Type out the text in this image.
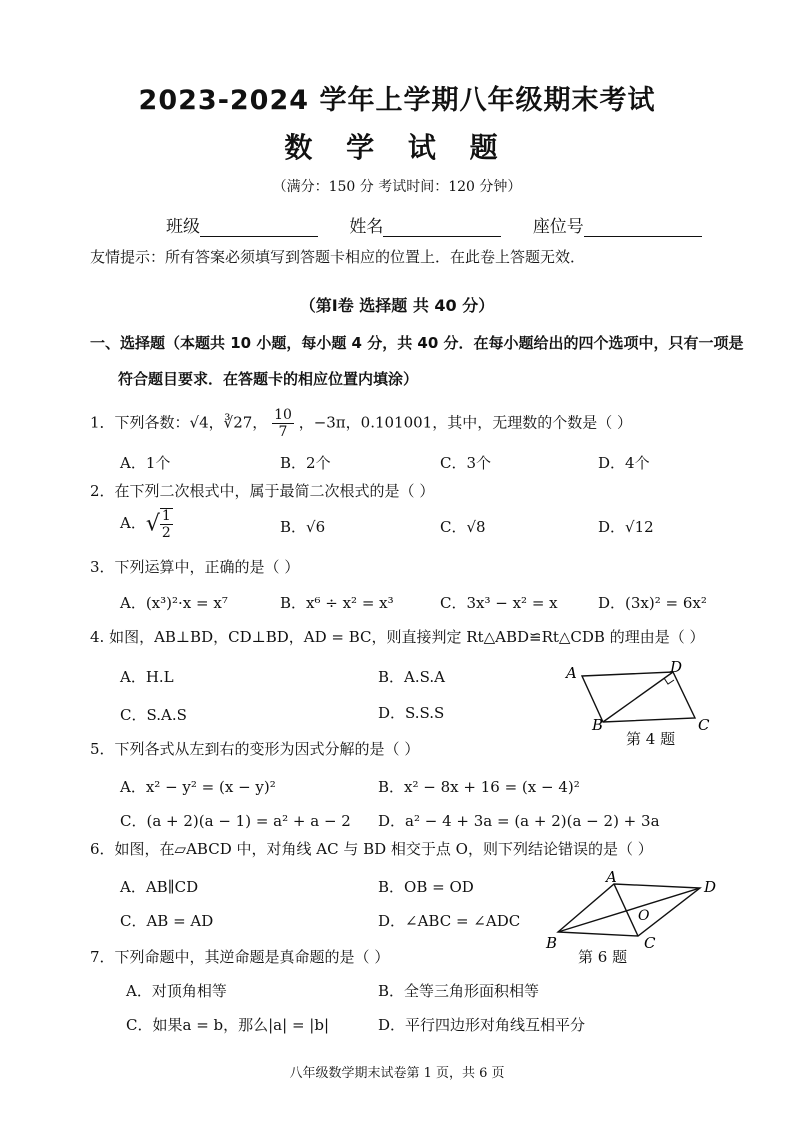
2023-2024 学年上学期八年级期末考试
数 学 试 题
（满分：150 分 考试时间：120 分钟）
班级	姓名	座位号
友情提示：所有答案必须填写到答题卡相应的位置上．在此卷上答题无效．
（第Ⅰ卷 选择题 共 40 分）
一、选择题（本题共 10 小题，每小题 4 分，共 40 分．在每小题给出的四个选项中，只有一项是
符合题目要求．在答题卡的相应位置内填涂）
1．下列各数：√4，∛27， $\frac{10}{7}$ ，−3π，0.101001，其中，无理数的个数是（ ）
A．1个	B．2个	C．3个	D．4个
2．在下列二次根式中，属于最简二次根式的是（ ）
A．√ $\frac{1}{2}$	B．√6	C．√8	D．√12
3．下列运算中，正确的是（ ）
A．(x³)²·x = x⁷	B．x⁶ ÷ x² = x³	C．3x³ − x² = x	D．(3x)² = 6x²
4. 如图，AB⊥BD，CD⊥BD，AD = BC，则直接判定 Rt△ABD≌Rt△CDB 的理由是（ ）
A．H.L	B．A.S.A
C．S.A.S	D．S.S.S
A	D
B	C
第 4 题
5．下列各式从左到右的变形为因式分解的是（ ）
A．x² − y² = (x − y)²	B．x² − 8x + 16 = (x − 4)²
C．(a + 2)(a − 1) = a² + a − 2 D．a² − 4 + 3a = (a + 2)(a − 2) + 3a
6．如图，在▱ABCD 中，对角线 AC 与 BD 相交于点 O，则下列结论错误的是（ ）
A．AB∥CD	B．OB = OD
C．AB = AD	D．∠ABC = ∠ADC
A
D
O
B	C
第 6 题
7．下列命题中，其逆命题是真命题的是（ ）
A．对顶角相等	B．全等三角形面积相等
C．如果a = b，那么|a| = |b|	D．平行四边形对角线互相平分
八年级数学期末试卷第 1 页，共 6 页
